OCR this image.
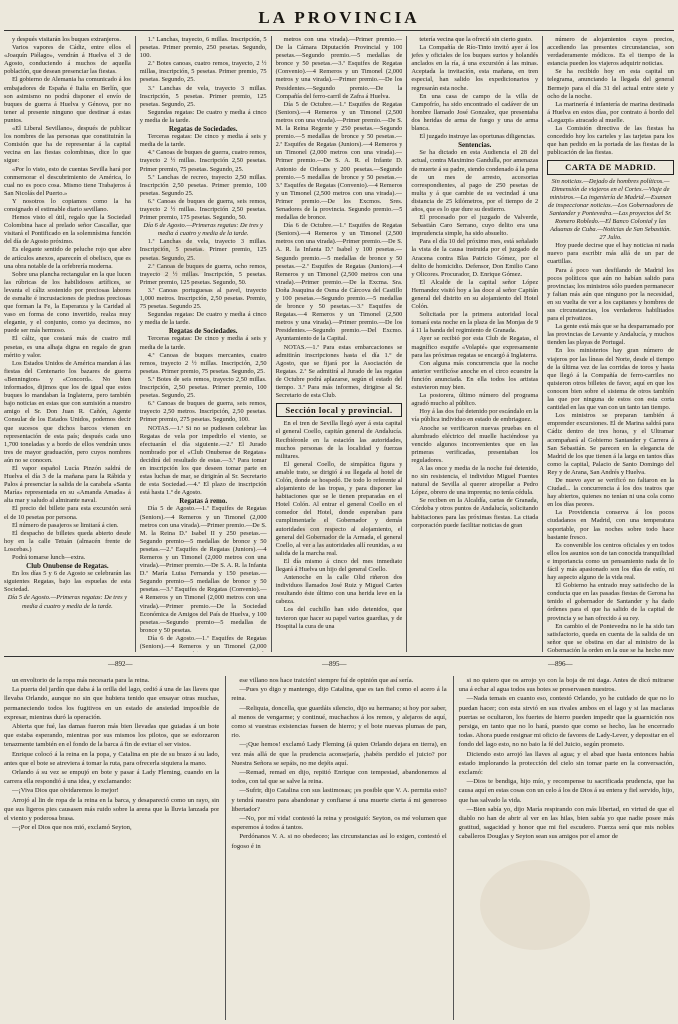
LA PROVINCIA

y después visitarán los buques extranjeros.

Varios vapores de Cádiz, entre ellos el «Joaquín Piélago», vendrán á Huelva el 3 de Agosto, conduciendo á muchos de aquella población, que desean presenciar las fiestas.

El gobierno de Alemania ha comunicado á los embajadores de España é Italia en Berlín, que son asimismo no podrá disponer el envío de buques de guerra á Huelva y Génova, por no tener al presente ninguno que destinar á estas puntos.

«El Liberal Sevillano», después de publicar los nombres de las personas que constituirán la Comisión que ha de representar á la capital vecina en las fiestas colombinas, dice lo que sigue:

«Por lo visto, esto de cuentas Sevilla hará por conmemorar el descubrimiento de América, lo cual no es poco cosa. Mismo tiene Trabajeros á San Nicolás del Puerto.»

Y nosotros lo copiamos como la ha consignado el estimable diario sevillano.

Hemos visto el útil, regalo que la Sociedad Colombina hace al prelado señor Cascallar, que visitará el Pontificado en la solemnísima función del día de Agosto próximo.

Es elegante sentido de peluche rojo que abre de artículos anexos, apareceín el obelisco, que es una obra notable de la orfebrería moderna.

Sobre una plancha rectangular en la que lucen las rúbricas de los habilidosos artífices, se levanta el cáliz sostenido por preciosas labores de esmalte é incrustaciones de piedras preciosas que forman la Fe, la Esperanza y la Caridad al vaso en forma de cono invertido, realza muy elegante, y el conjunto, como ya decimos, no puede ser más hermoso.

El cáliz, que costará más de cuatro mil pesetas, es una alhaja digna en regalo de gran mérito y valor.

Los Estados Unidos de América mandan á las fiestas del Centenario los bazares de guerra «Bennington» y «Concord». No bien informados, dijimos que los de igual que estos buques lo mandaban la Inglaterra, pero también bajo noticias en estas que con sumisión a nuestro amigo el Sr. Don Juan R. Cañón, Agente Consular de los Estados Unidos, podemos decir que sucesos que dichos barcos vienen en representación de esta país; después cada uno 1,700 toneladas y a bordo de ellos vendrán unos tres de mayor graduación, pero cuyos nombres aún no se conocen.

El vapor español Lucía Pinzón saldrá de Huelva el día 3 de la mañana para la Rábida y Palos á presenciar la salida de la carabela «Santa María» representada en su «Amanda Amada» á alta mar y saludo al almirante naval.

El precio del billete para esta excursión será el de 10 pesetas por persona.

El número de pasajeros se limitará á cien.

El despacho de billetes queda abierto desde hoy en la calle Tetuán (almacén frente de Loscebas.)

Podrá tomarse lunch—extra.

Club Onubense de Regatas.

En los días 5 y 6 de Agosto se celebrarán las siguientes Regatas, bajo las espuelas de esta Sociedad.

Día 5 de Agosto.—Primeras regatas: De tres y media á cuatro y media de la tarde.

1.ª Lanchas, trayecto, 6 millas. Inscripción, 5 pesetas. Primer premio, 250 pesetas. Segundo, 100.

2.ª Botes canoas, cuatro remos, trayecto, 2 ½ millas, inscripción, 5 pesetas. Primer premio, 75 pesetas. Segundo, 25.

3.ª Lanchas de vela, trayecto 3 millas. Inscripción, 5 pesetas. Primer premio, 125 pesetas. Segundo, 25.

Segundas regatas: De cuatro y media á cinco y media de la tarde.

Regatas de Sociedades.

Terceras regatas: De cinco y media á seis y media de la tarde.

4.ª Canoas de buques de guerra, cuatro remos, trayecto 2 ½ millas. Inscripción 2,50 pesetas. Primer premio, 75 pesetas. Segundo, 25.

5.ª Lanchas de recreo, trayecto 2,50 millas. Inscripción 2,50 pesetas. Primer premio, 100 pesetas. Segundo 25.

6.ª Canoas de buques de guerra, seis remos, trayecto 2 ½ millas. Inscripción 2,50 pesetas. Primer premio, 175 pesetas. Segundo, 50.

Día 6 de Agosto.—Primeras regatas: De tres y media á cuatro y media de la tarde.

1.ª Lanchas de vela, trayecto 3 millas. Inscripción, 5 pesetas. Primer premio, 125 pesetas. Segundo, 25.

2.ª Canoas de buques de guerra, ocho remos, trayecto 2 ½ millas. Inscripción, 5 pesetas. Primer premio, 125 pesetas. Segundo, 50.

3.ª Canoas portuguesas al pavel, trayecto 1,000 metros. Inscripción, 2,50 pesetas. Premio, 75 pesetas. Segundo 25.

Segundas regatas: De cuatro y media á cinco y media de la tarde.

Regatas de Sociedades.

Terceras regatas: De cinco y media á seis y media de la tarde.

4.ª Canoas de buques mercantes, cuatro remos, trayecto 2 ½ millas. Inscripción, 2,50 pesetas. Primer premio, 75 pesetas. Segundo, 25.

5.ª Botes de seis remos, trayecto 2,50 millas. Inscripción, 2,50 pesetas. Primer premio, 100 pesetas. Segundo, 25.

6.ª Canoas de buques de guerra, seis remos, trayecto 2,50 metros. Inscripción, 2,50 pesetas. Primer premio, 275 pesetas. Segundo, 100.

NOTAS.—1.ª Si no se pudiesen celebrar las Regatas de vela por impedirlo el viento, se efectuarán el día siguiente.—2.ª El Jurado nombrado por el «Club Onubense de Regatas» decidirá del resultado de estas.—3.ª Para tomar en inscripción los que deseen tomar parte en estas luchas de mar, se dirigirán al Sr. Secretario de esta Sociedad.—4.ª El plazo de inscripción está hasta 1.º de Agosto.

Regatas á remo.

Día 5 de Agosto.—1.ª Esquifes de Regatas (Seniors).—4 Remeros y un Timonel (2,000 metros con una virada).—Primer premio.—De S. M. la Reina D.ª Isabel II y 250 pesetas.—Segundo premio—5 medallas de bronce y 50 pesetas.—2.ª Esquifes de Regatas (Juniors).—4 Remeros y un Timonel (2,000 metros con una virada).—Primer premio.—De S. A. R. la Infanta D.ª María Luisa Fernanda y 150 pesetas.—Segundo premio—5 medallas de bronce y 50 pesetas.—3.ª Esquifes de Regatas (Convenio).—4 Remeros y un Timonel (2,000 metros con una virada).—Primer premio.—De la Sociedad Económica de Amigos del País de Huelva, y 100 pesetas.—Segundo premio—5 medallas de bronce y 50 pesetas.

Día 6 de Agosto.—1.ª Esquifes de Regatas (Seniors).—4 Remeros y un Timonel (2,000

metros con una virada).—Primer premio.—De la Cámara Diputación Provincial y 100 pesetas.—Segundo premio.—5 medallas de bronce y 50 pesetas.—3.ª Esquifes de Regatas (Convenio).—4 Remeros y un Timonel (2,000 metros y una virada).—Primer premio.—De los Presidentes.—Segundo premio.—De la Compañía del ferro-carril de Zafra á Huelva.

Día 5 de Octubre.—1.ª Esquifes de Regatas (Seniors).—4 Remeros y un Timonel (2,500 metros con una virada).—Primer premio.—De S. M. la Reina Regente y 250 pesetas.—Segundo premio.—5 medallas de bronce y 50 pesetas.—2.ª Esquifes de Regatas (Juniors).—4 Remeros y un Timonel (2,000 metros con una virada).—Primer premio.—De S. A. R. el Infante D. Antonio de Orleans y 200 pesetas.—Segundo premio.—5 medallas de bronce y 50 pesetas.—3.ª Esquifes de Regatas (Convenio).—4 Remeros y un Timonel (2,500 metros con una virada).—Primer premio.—De los Excmos. Sres. Senadores de la provincia. Segundo premio.—5 medallas de bronce.

Día 6 de Octubre.—1.ª Esquifes de Regatas (Seniors).—4 Remeros y un Timonel (2,500 metros con una virada).—Primer premio.—De S. A. R. la Infanta D.ª Isabel y 100 pesetas.—Segundo premio.—5 medallas de bronce y 50 pesetas.—2.ª Esquifes de Regatas (Juniors).—4 Remeros y un Timonel (2,500 metros con una virada).—Primer premio.—De la Excma. Sra. Doña Joaquina de Osma de Cárcova del Castillo y 100 pesetas.—Segundo premio.—5 medallas de bronce y 50 pesetas.—3.ª Esquifes de Regatas.—4 Remeros y un Timonel (2,500 metros y una virada).—Primer premio.—De los Presidentes.—Segundo premio.—Del Excmo. Ayuntamiento de la Capital.

NOTAS.—1.ª Para estas embarcaciones se admitirán inscripciones hasta el día 1.º de Agosto, que se fijará por la Asociación de Regatas. 2.ª Se admitirá al Jurado de las regatas de Octubre podrá aplazarse, según el estado del tiempo. 3.ª Para más informes, dirigirse al Sr. Secretario de esta Club.

Sección local y provincial.

En el tren de Sevilla llegó ayer á esta capital el general Coello, capitán general de Andalucía. Recibiéronle en la estación las autoridades, muchos personas de la localidad y fuerzas militares.

El general Coello, de simpática figura y amable trato, se dirigió á su llegada al hotel de Colón, donde se hospedó. De todo lo referente al alojamiento de las tropas, y para disponer las habitaciones que se le tienen preparadas en el Hotel Colón. Al entrar el general Coello en el comedor del Hotel, donde esperaban para cumplimentarle el Gobernador y demás autoridades con respecto al alojamiento, el general del Gobernador de la Armada, el general Coello, al ver a las autoridades allí reunidas, a su salida de la marcha real.

El día mismo á cinco del mes inmediato llegará á Huelva un hijo del general Coello.

Antenoche en la calle Olid riñeron dos individuos llamados José Ruiz y Miguel Cartes resultando éste último con una herida leve en la cabeza.

Los del cuchillo han sido detenidos, que tuvieron que hacer su papel varios guardias, y de Hospital la cura de una

tetería vecina que la ofreció sin cierto gusto.

La Compañía de Río-Tinto invitó ayer á los jefes y oficiales de los buques surtos y holandés anclados en la ría, á una excursión á las minas. Aceptada la invitación, esta mañana, en tren especial, han salido los expedicionarios y regresarán esta noche.

En una casa de campo de la villa de Campofrío, ha sido encontrado el cadáver de un hombre llamado José Gonzalez, que presentaba dos heridas de arma de fuego y una de arma blanca.

El juzgado instruye las oportunas diligencias.

Sentencias.

Se ha dictado en esta Audiencia el 28 del actual, contra Maximino Gandulla, por amenazas de muerte á su padre, siendo condenado á la pena de un mes de arresto, accesorias correspondientes, al pago de 250 pesetas de multa y á que cambie de su vecindad á una distancia de 25 kilómetros, por el tiempo de 2 años, que es lo que dure su destierro.

El procesado por el juzgado de Valverde, Sebastián Caro Serrano, cuyo delito era una imprudencia simple, ha sido absuelto.

Para el día 10 del próximo mes, está señalado la vista de la causa instruida por el juzgado de Aracena contra Blas Patricio Gómez, por el delito de homicidio. Defensor, Don Emilio Cano y Olicores. Procurador, D. Enrique Gómez.

El Alcalde de la capital señor López Hernandez visitó hoy a las doce al señor Capitán general del distrito en su alojamiento del Hotel Colón.

Solicitada por la primera autoridad local tomará esta noche en la plaza de las Monjas de 9 á 11 la banda del regimiento de Granada.

Ayer se recibió por esta Club de Regatas, el magnífico esquife «Volapié» que expresamente para las próximas regatas se encargó á Inglaterra.

Con alguna más concurrencia que la noche anterior verificóse anoche en el circo ecuestre la función anunciada. En ella todos los artistas estuvieron muy bien.

La postorera, último número del programa agradó mucho al público.

Hoy á las dos fué detenido por escándalo en la vía pública individuo en estado de embriaguez.

Anoche se verificaron nuevas pruebas en el alumbrado eléctrico del muelle haciéndose ya vencido algunos inconvenientes que en las primeras verificadas, presentaban los reguladores.

A las once y media de la noche fué detenido, no sin resistencia, el individuo Miguel Fuentes natural de Sevilla al querer atropellar a Pedro López, obrero de una imprenta; no tenía cédula.

Se reciben en la Alcaldía, cartas de Granada, Córdoba y otros puntos de Andalucía, solicitando habitaciones para las próximas fiestas. La citada corporación puede facilitar noticias de gran

número de alojamientos cuyos precios, accediendo las presentes circunstancias, son verdaderamente módicos. Es el tiempo de la estancia pueden los viajeros adquirir noticias.

Se ha recibido hoy en esta capital un telegrama, anunciando la llegada del general Bermejo para el día 31 del actual entre siete y ocho de la noche.

La marinería é infantería de marina destinada á Huelva en estos días, por contrato á bordo del «Legazpi» atracado al muelle.

La Comisión directiva de las fiestas ha concedido hoy los carteles y las tarjetas para los que han pedido en la portada de las fiestas de la publicación de las fiestas.

CARTA DE MADRID.

Sin noticias.—Dejado de hombres políticos.—Dimensión de viajeros en el Cortes.—Viaje de ministros.—La ingeniería de Madrid.—Examen de inspeccionar noticias.—Los Gobernadores de Santander y Pontevedra.—Las proyectos del Sr. Romero Robledo.—El Banco Colonial y las Aduanas de Cuba.—Noticias de San Sebastián.

27 Julio.

Hoy puede decirse que el hay noticias ni nada nuevo para escribir más allá de un par de cuartillas.

Para á poco van desfilando de Madrid los pocos políticos que aún no habían salido para provincias; los ministros sólo pueden permanecer y faltan más aún que ninguno por la necesidad, en su vuelta de ver a los capitanes y hombres de sus circunstancias, los verdaderos habilitados para el privatizos.

La gente está más que se ha desparramado por las provincias de Levante y Andalucía, y muchos tienden las playas de Portugal.

En los ministerios hay gran número de viajeros por las líneas del Norte, desde el tiempo de la última vez de las corridas de toros y hasta que llegó á la Compañía de ferro-carriles no quisieron otros billetes de favor, aquí en que los conocen bien sobre el sistema de otros también las que por ninguna de estos con esta corta cantidad en las que van con un tanto tan tiempo.

Los ministros se preparan también á emprender excursiones. El de Marina saldrá para Cádiz dentro de tres horas, y el Ultramar acompañará al Gobierno Santander y Carrera á San Sebastián. Se parecen en la elegancia de Madrid de los que tienen á la larga en tantos días como la capital, Palacio de Santo Domingo del Rey y de Arana, San Andrés y Huelva.

De nuevo ayer se verificó no faltaron en la Ciudad... la concurrencia á los dos teatros que hay abiertos, quienes no tenían ni una cola como en los días peores.

La Providencia conserva á los pocos ciudadanos en Madrid, con una temperatura soportable, por las noches sobre todo hace bastante fresco.

Es convenible los centros oficiales y en todos ellos los asuntos son de tan conocida tranquilidad e importancia como un pensamiento nada de lo fácil y más apasionado son los días de estío, ni hay aspecto alguno de la vida real.

El Gobierno ha entrado muy satisfecho de la conducta que en las pasadas fiestas de Gerona ha tenido el gobernador de Santander y ha dado órdenes para el que ha salido de la capital de provincia y se han ofrecido á su rey.

En cambio el de Pontevedra no le ha sido tan satisfactorio, queda en cuenta de la salida de un señor que se obstina en dar al ministro de la Gobernación la orden en la que se ha hecho muy

—892—	—895—	—896—

un envoltorio de la ropa más necesaria para la reina.

La puerta del jardín que daba á la orilla del lago, cedió á una de las llaves que llevaba Orlando, aunque no sin que hubiera tenido que ensayar otras muchas, permaneciendo todos los fugitivos en un estado de ansiedad imposible de expresar, mientras duró la operación.

Abierta que fué, las damas fueron más bien llevadas que guiadas á un bote que estaba esperando, mientras por sus mismos los pilotos, que se esforzaron tenazmente también en el fondo de la barca á fin de evitar el ser vistos.

Enrique colocó á la reina en la popa, y Catalina en pie de su brazo á su lado, antes que el bote se atreviera á tomar la ruta, para ofrecerla siquiera la mano.

Orlando á su vez se empujó en bote y pasar á Lady Fleming, cuando en la carrera ella respondió á una idea, y exclamando:

—¡Viva Dios que olvidaremos lo mejor!

Arrojó al lin de ropa de la reina en la barca, y desapareció como un rayo, sin que sus ligeros pies causasen más ruido sobre la arena que la lluvia lanzada por el viento y poderosa brasa.

—¡Por el Dios que nos mió, exclamó Seyton,

ese villano nos hace traición! siempre fuí de opinión que así sería.

—Pues yo digo y mantengo, dijo Catalina, que es tan fiel como el acero á la reina.

—Reliquia, doncella, que guardáis silencio, dijo su hermano; si hoy por saber, al menos de vengarme; y continué, muchachos á los remos, y alejaros de aquí, como si vuestras existencias fuesen de hierro; y el bote nuevas plumas de pan, rio.

—¡Que hemos! exclamó Lady Fleming (á quien Orlando dejara en tierra), en vez más allá de que la prudencia aconsejaría, ¡habéis perdido el juicio? por Nuestra Señora se sepáis, no me dejéis aquí.

—Remad, remad en dijo, repitió Enrique con tempestad, abandonemos al todos, con tal que se salve la reina.

—Sufrir, dijo Catalina con sus lastimosas; ¡es posible que V. A. permita esto? y tendrá nuestro para abandonar y confiarse á una muerte cierta á mi generoso libertador?

—No, por mí vida! contestó la reina y prosiguió: Seyton, os mé volumen que esperemos á todos á tantos.

Perdónanos V. A. si no obedeceo; las circunstancias así lo exigen, contestó el fogoso é in

si no quiero que os arrojo yo con la boja de mi daga. Antes de dicó mitrarse una á echar al agua todos sus botes se preservasen nuestros.

—Nada temais en cuanto eso, contestó Orlando, yo he cuidado de que no lo puedan hacer; con esta sirvió en sus rivales ambos en el lago y si las maclaras puertas se ocultaron, los fuertes de hierro pueden impedir que la guarnición nos persiga, en tanto que no lo hará, puesto que como se hecho, las he encerrado todas. Ahora puede resignar mi oficio de favores de Lady-Lever, y depositar en el fondo del lago esto, no no baio la fé del Juicio, según prometo.

Diciendo esto arrojó las llaves al agua; y el abad que hasta entonces había estado implorando la protección del cielo sin tomar parte en la conversación, exclamó:

—Dios te bendiga, hijo mío, y recompense tu sacrificada prudencia, que ha causa aquí en estas cosas con un celo á los de Dios á su entera y fiel servido, hijo, que has salvado la vida.

—Bien sabía yo, dijo María respirando con más libertad, en virtud de que el diablo no han de abrir al ver en las hilas, bien sabía yo que nadie posee más gratitud, sagacidad y honor que mi fiel escudero. Fuerza será que mis nobles caballeros Douglas y Seyton sean sus amigos por el amor de
